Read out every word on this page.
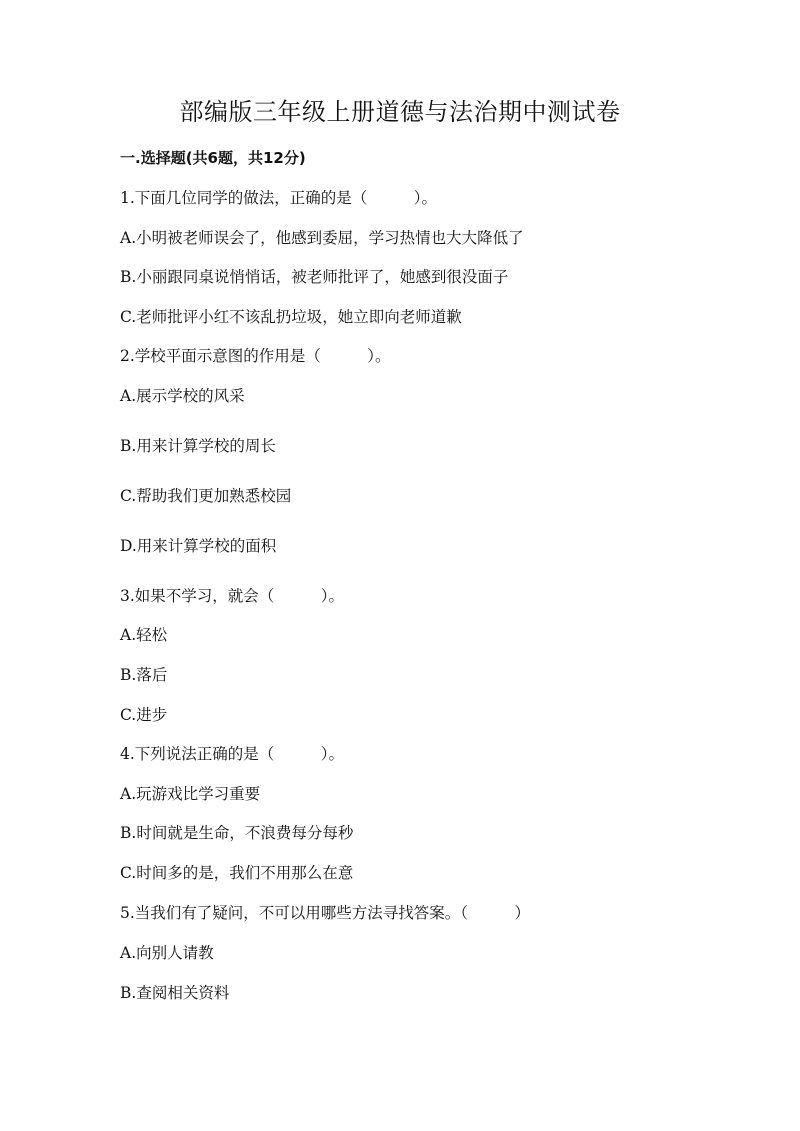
部编版三年级上册道德与法治期中测试卷
一.选择题(共6题，共12分)
1.下面几位同学的做法，正确的是（　　　）。
A.小明被老师误会了，他感到委屈，学习热情也大大降低了
B.小丽跟同桌说悄悄话，被老师批评了，她感到很没面子
C.老师批评小红不该乱扔垃圾，她立即向老师道歉
2.学校平面示意图的作用是（　　　）。
A.展示学校的风采
B.用来计算学校的周长
C.帮助我们更加熟悉校园
D.用来计算学校的面积
3.如果不学习，就会（　　　）。
A.轻松
B.落后
C.进步
4.下列说法正确的是（　　　）。
A.玩游戏比学习重要
B.时间就是生命，不浪费每分每秒
C.时间多的是，我们不用那么在意
5.当我们有了疑问，不可以用哪些方法寻找答案。（　　　）
A.向别人请教
B.查阅相关资料
